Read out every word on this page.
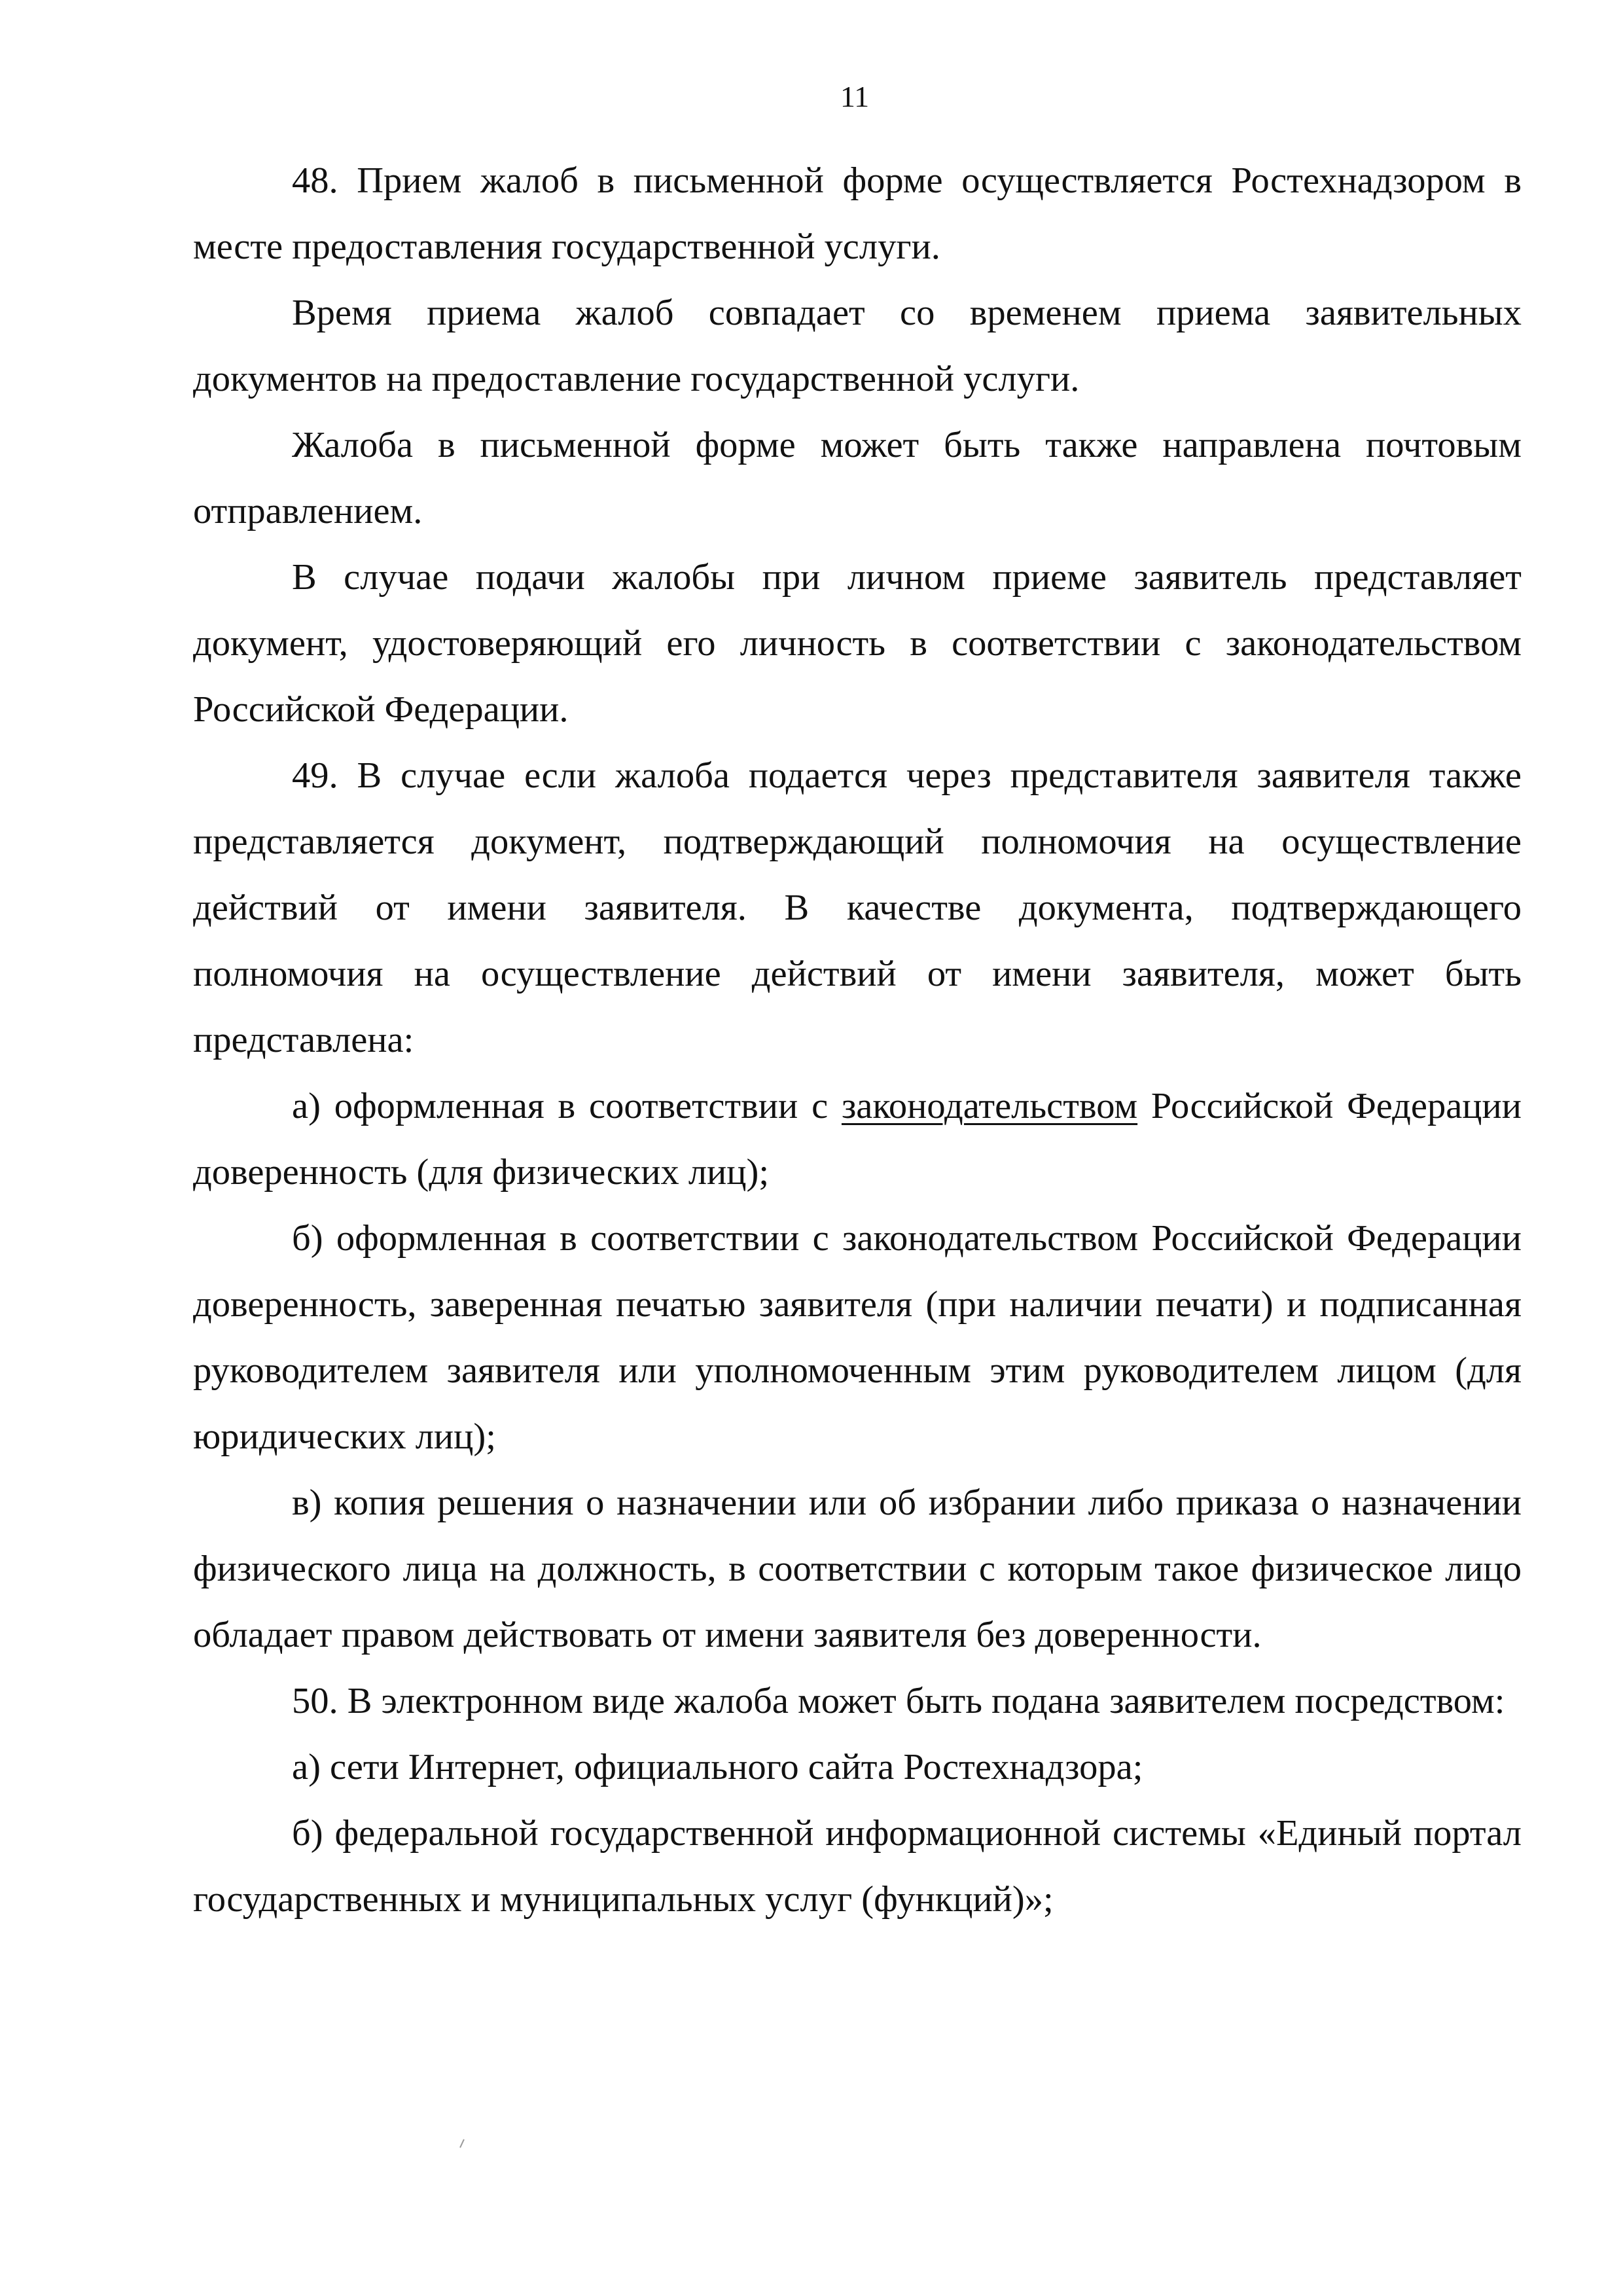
11

48. Прием жалоб в письменной форме осуществляется Ростехнадзором в месте предоставления государственной услуги.

Время приема жалоб совпадает со временем приема заявительных документов на предоставление государственной услуги.

Жалоба в письменной форме может быть также направлена почтовым отправлением.

В случае подачи жалобы при личном приеме заявитель представляет документ, удостоверяющий его личность в соответствии с законодательством Российской Федерации.

49. В случае если жалоба подается через представителя заявителя также представляется документ, подтверждающий полномочия на осуществление действий от имени заявителя. В качестве документа, подтверждающего полномочия на осуществление действий от имени заявителя, может быть представлена:

а) оформленная в соответствии с законодательством Российской Федерации доверенность (для физических лиц);

б) оформленная в соответствии с законодательством Российской Федерации доверенность, заверенная печатью заявителя (при наличии печати) и подписанная руководителем заявителя или уполномоченным этим руководителем лицом (для юридических лиц);

в) копия решения о назначении или об избрании либо приказа о назначении физического лица на должность, в соответствии с которым такое физическое лицо обладает правом действовать от имени заявителя без доверенности.

50. В электронном виде жалоба может быть подана заявителем посредством:

а) сети Интернет, официального сайта Ростехнадзора;

б) федеральной государственной информационной системы «Единый портал государственных и муниципальных услуг (функций)»;
